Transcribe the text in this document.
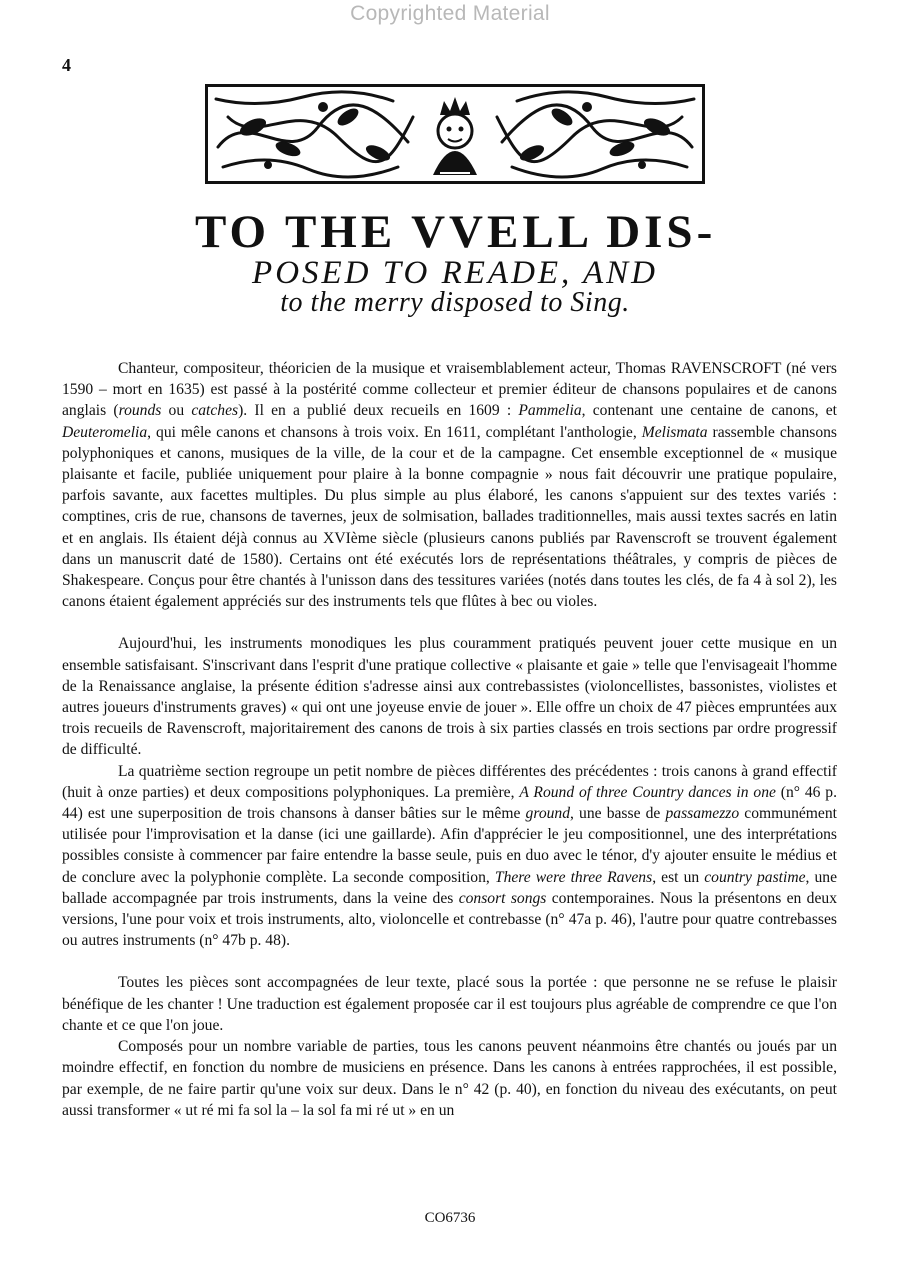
Copyrighted Material
4
TO THE VVELL DIS-
POSED TO READE, AND
to the merry disposed to Sing.

Chanteur, compositeur, théoricien de la musique et vraisemblablement acteur, Thomas RAVENSCROFT (né vers 1590 – mort en 1635) est passé à la postérité comme collecteur et premier éditeur de chansons populaires et de canons anglais (rounds ou catches). Il en a publié deux recueils en 1609 : Pammelia, contenant une centaine de canons, et Deuteromelia, qui mêle canons et chansons à trois voix. En 1611, complétant l'anthologie, Melismata rassemble chansons polyphoniques et canons, musiques de la ville, de la cour et de la campagne. Cet ensemble exceptionnel de « musique plaisante et facile, publiée uniquement pour plaire à la bonne compagnie » nous fait découvrir une pratique populaire, parfois savante, aux facettes multiples. Du plus simple au plus élaboré, les canons s'appuient sur des textes variés : comptines, cris de rue, chansons de tavernes, jeux de solmisation, ballades traditionnelles, mais aussi textes sacrés en latin et en anglais. Ils étaient déjà connus au XVIème siècle (plusieurs canons publiés par Ravenscroft se trouvent également dans un manuscrit daté de 1580). Certains ont été exécutés lors de représentations théâtrales, y compris de pièces de Shakespeare. Conçus pour être chantés à l'unisson dans des tessitures variées (notés dans toutes les clés, de fa 4 à sol 2), les canons étaient également appréciés sur des instruments tels que flûtes à bec ou violes.

Aujourd'hui, les instruments monodiques les plus couramment pratiqués peuvent jouer cette musique en un ensemble satisfaisant. S'inscrivant dans l'esprit d'une pratique collective « plaisante et gaie » telle que l'envisageait l'homme de la Renaissance anglaise, la présente édition s'adresse ainsi aux contrebassistes (violoncellistes, bassonistes, violistes et autres joueurs d'instruments graves) « qui ont une joyeuse envie de jouer ». Elle offre un choix de 47 pièces empruntées aux trois recueils de Ravenscroft, majoritairement des canons de trois à six parties classés en trois sections par ordre progressif de difficulté.

La quatrième section regroupe un petit nombre de pièces différentes des précédentes : trois canons à grand effectif (huit à onze parties) et deux compositions polyphoniques. La première, A Round of three Country dances in one (n° 46 p. 44) est une superposition de trois chansons à danser bâties sur le même ground, une basse de passamezzo communément utilisée pour l'improvisation et la danse (ici une gaillarde). Afin d'apprécier le jeu compositionnel, une des interprétations possibles consiste à commencer par faire entendre la basse seule, puis en duo avec le ténor, d'y ajouter ensuite le médius et de conclure avec la polyphonie complète. La seconde composition, There were three Ravens, est un country pastime, une ballade accompagnée par trois instruments, dans la veine des consort songs contemporaines. Nous la présentons en deux versions, l'une pour voix et trois instruments, alto, violoncelle et contrebasse (n° 47a p. 46), l'autre pour quatre contrebasses ou autres instruments (n° 47b p. 48).

Toutes les pièces sont accompagnées de leur texte, placé sous la portée : que personne ne se refuse le plaisir bénéfique de les chanter ! Une traduction est également proposée car il est toujours plus agréable de comprendre ce que l'on chante et ce que l'on joue.

Composés pour un nombre variable de parties, tous les canons peuvent néanmoins être chantés ou joués par un moindre effectif, en fonction du nombre de musiciens en présence. Dans les canons à entrées rapprochées, il est possible, par exemple, de ne faire partir qu'une voix sur deux. Dans le n° 42 (p. 40), en fonction du niveau des exécutants, on peut aussi transformer « ut ré mi fa sol la – la sol fa mi ré ut » en un

CO6736
